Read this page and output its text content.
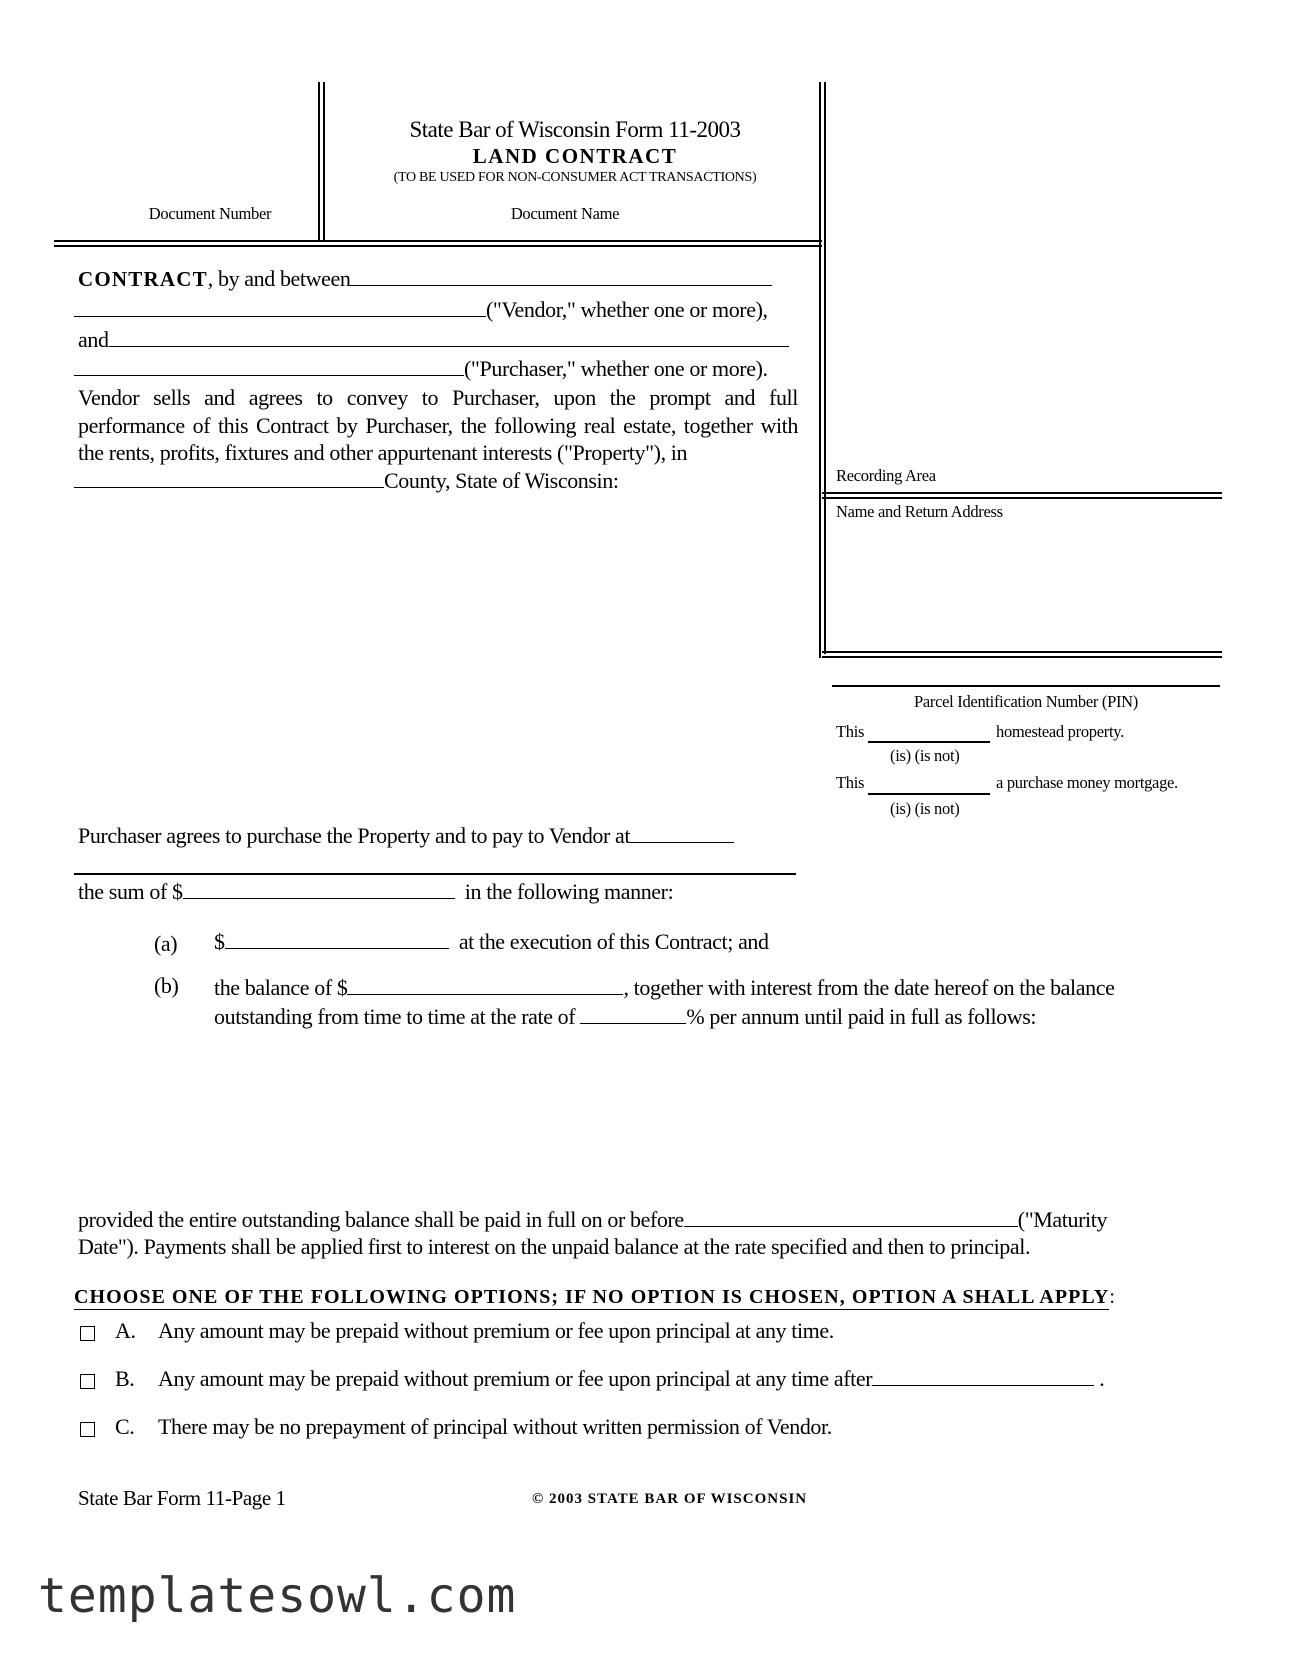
State Bar of Wisconsin Form 11-2003
LAND CONTRACT
(TO BE USED FOR NON-CONSUMER ACT TRANSACTIONS)
Document Number	Document Name
Recording Area
Name and Return Address
Parcel Identification Number (PIN)
This	homestead property.
(is) (is not)
This	a purchase money mortgage.
(is) (is not)
CONTRACT, by and between
("Vendor," whether one or more),
and
("Purchaser," whether one or more).
Vendor sells and agrees to convey to Purchaser, upon the prompt and full performance of this Contract by Purchaser, the following real estate, together with the rents, profits, fixtures and other appurtenant interests ("Property"), in
County, State of Wisconsin:
Purchaser agrees to purchase the Property and to pay to Vendor at
the sum of $	in the following manner:
(a) $	at the execution of this Contract; and
(b) the balance of $	, together with interest from the date hereof on the balance
outstanding from time to time at the rate of	% per annum until paid in full as follows:
provided the entire outstanding balance shall be paid in full on or before	("Maturity
Date"). Payments shall be applied first to interest on the unpaid balance at the rate specified and then to principal.
CHOOSE ONE OF THE FOLLOWING OPTIONS; IF NO OPTION IS CHOSEN, OPTION A SHALL APPLY:
A. Any amount may be prepaid without premium or fee upon principal at any time.
B. Any amount may be prepaid without premium or fee upon principal at any time after	.
C. There may be no prepayment of principal without written permission of Vendor.
State Bar Form 11-Page 1	© 2003 STATE BAR OF WISCONSIN
templatesowl.com
